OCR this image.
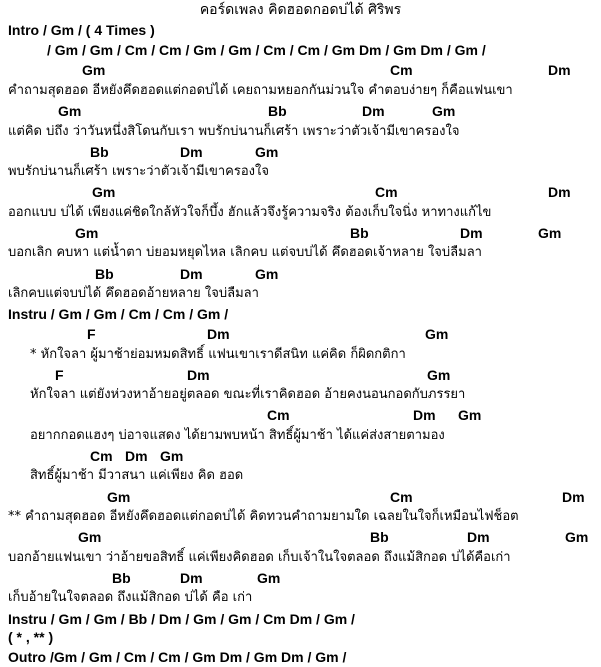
คอร์ดเพลง คิดฮอดกอดบ่ได้ ศิริพร
Intro / Gm / ( 4 Times )
/ Gm / Gm / Cm / Cm / Gm / Gm / Cm / Cm / Gm Dm / Gm Dm / Gm /
Gm	Cm	Dm
คำถามสุดฮอด อีหยังคึดฮอดแต่กอดบ่ได้ เคยถามหยอกกันม่วนใจ คำตอบง่ายๆ ก็คือแฟนเขา
Gm	Bb	Dm	Gm
แต่คิด บ่ถึง ว่าวันหนึ่งสิโดนกับเรา พบรักบ่นานก็เศร้า เพราะว่าตัวเจ้ามีเขาครองใจ
Bb	Dm	Gm
พบรักบ่นานก็เศร้า เพราะว่าตัวเจ้ามีเขาครองใจ
Gm	Cm	Dm
ออกแบบ บ่ได้ เพียงแค่ชิดใกล้หัวใจก็บึ้ง ฮักแล้วจึงรู้ความจริง ต้องเก็บใจนิ่ง หาทางแก้ไข
Gm	Bb	Dm	Gm
บอกเลิก คบหา แต่น้ำตา บ่ยอมหยุดไหล เลิกคบ แต่จบบ่ได้ คึดฮอดเจ้าหลาย ใจบ่ลืมลา
Bb	Dm	Gm
เลิกคบแต่จบบ่ได้ คึดฮอดอ้ายหลาย ใจบ่ลืมลา
Instru / Gm / Gm / Cm / Cm / Gm /
F	Dm	Gm
* หักใจลา ผู้มาช้าย่อมหมดสิทธิ์ แฟนเขาเราดีสนิท แค่คิด ก็ผิดกติกา
F	Dm	Gm
หักใจลา แต่ยังห่วงหาอ้ายอยู่ตลอด ขณะที่เราคิดฮอด อ้ายคงนอนกอดกับภรรยา
Cm	Dm Gm
อยากกอดแฮงๆ บ่อาจแสดง ได้ยามพบหน้า สิทธิ์ผู้มาช้า ได้แค่ส่งสายตามอง
Cm Dm Gm
สิทธิ์ผู้มาช้า มีวาสนา แค่เพียง คิด ฮอด
Gm	Cm	Dm
** คำถามสุดฮอด อีหยังคึดฮอดแต่กอดบ่ได้ คิดทวนคำถามยามใด เฉลยในใจก็เหมือนไฟช็อต
Gm	Bb	Dm	Gm
บอกอ้ายแฟนเขา ว่าอ้ายขอสิทธิ์ แค่เพียงคิดฮอด เก็บเจ้าในใจตลอด ถึงแม้สิกอด บ่ได้คือเก่า
Bb	Dm	Gm
เก็บอ้ายในใจตลอด ถึงแม้สิกอด บ่ได้ คือ เก่า
Instru / Gm / Gm / Bb / Dm / Gm / Gm / Cm Dm / Gm /
( * , ** )
Outro /Gm / Gm / Cm / Cm / Gm Dm / Gm Dm / Gm /
